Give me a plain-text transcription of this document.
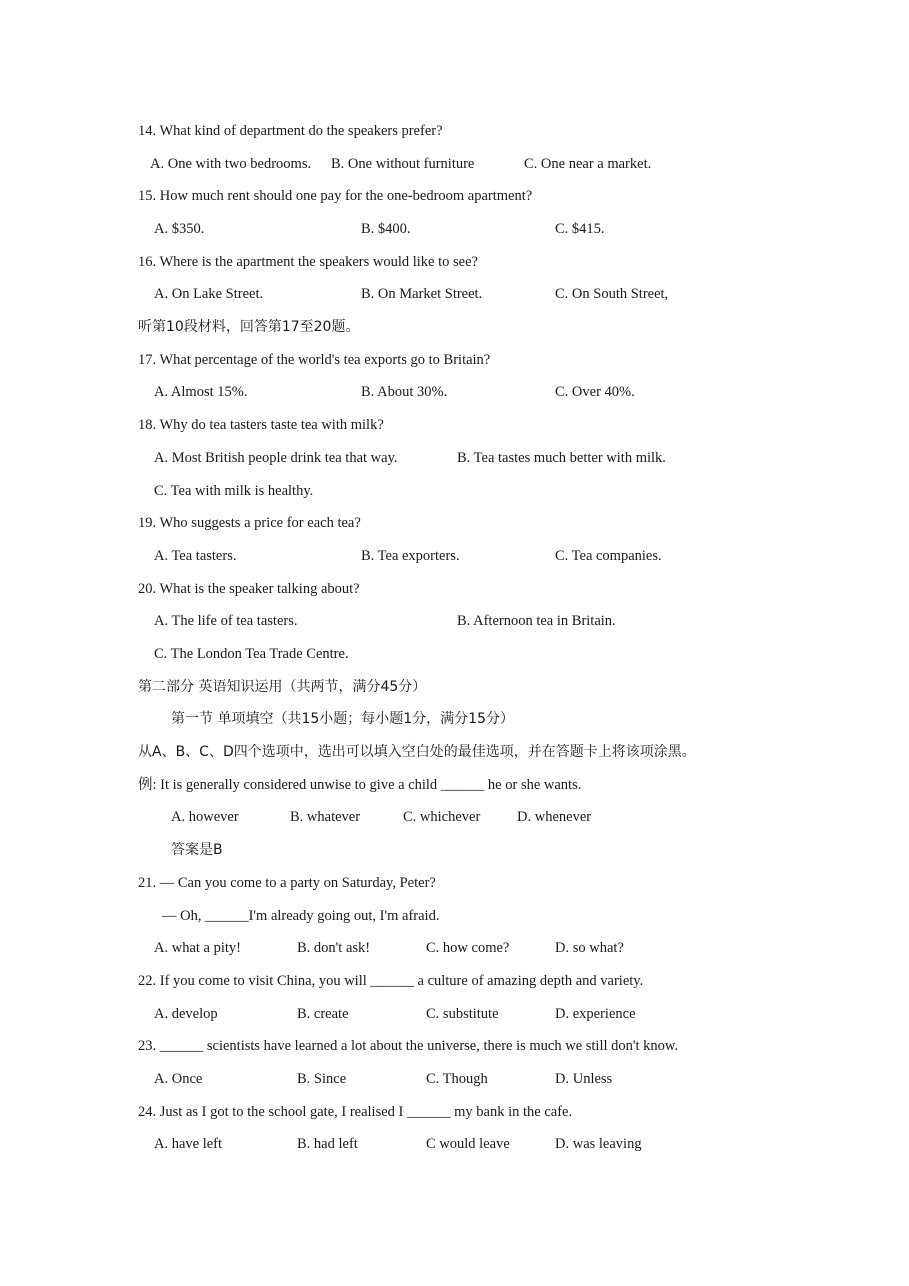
14. What kind of department do the speakers prefer?
A. One with two bedrooms. B. One without furniture	C. One near a market.
15. How much rent should one pay for the one-bedroom apartment?
A. $350.	B. $400.	C. $415.
16. Where is the apartment the speakers would like to see?
A. On Lake Street.	B. On Market Street.	C. On South Street,
听第10段材料，回答第17至20题。
17. What percentage of the world's tea exports go to Britain?
A. Almost 15%.	B. About 30%.	C. Over 40%.
18. Why do tea tasters taste tea with milk?
A. Most British people drink tea that way.	B. Tea tastes much better with milk.
C. Tea with milk is healthy.
19. Who suggests a price for each tea?
A. Tea tasters.	B. Tea exporters.	C. Tea companies.
20. What is the speaker talking about?
A. The life of tea tasters.	B. Afternoon tea in Britain.
C. The London Tea Trade Centre.
第二部分 英语知识运用（共两节，满分45分）
第一节 单项填空（共15小题；每小题1分，满分15分）
从A、B、C、D四个选项中，选出可以填入空白处的最佳选项，并在答题卡上将该项涂黑。
例: It is generally considered unwise to give a child ______ he or she wants.
A. however	B. whatever	C. whichever	D. whenever
答案是B
21. — Can you come to a party on Saturday, Peter?
— Oh, ______I'm already going out, I'm afraid.
A. what a pity!	B. don't ask!	C. how come?	D. so what?
22. If you come to visit China, you will ______ a culture of amazing depth and variety.
A. develop	B. create	C. substitute	D. experience
23. ______ scientists have learned a lot about the universe, there is much we still don't know.
A. Once	B. Since	C. Though	D. Unless
24. Just as I got to the school gate, I realised I ______ my bank in the cafe.
A. have left	B. had left	C would leave	D. was leaving
